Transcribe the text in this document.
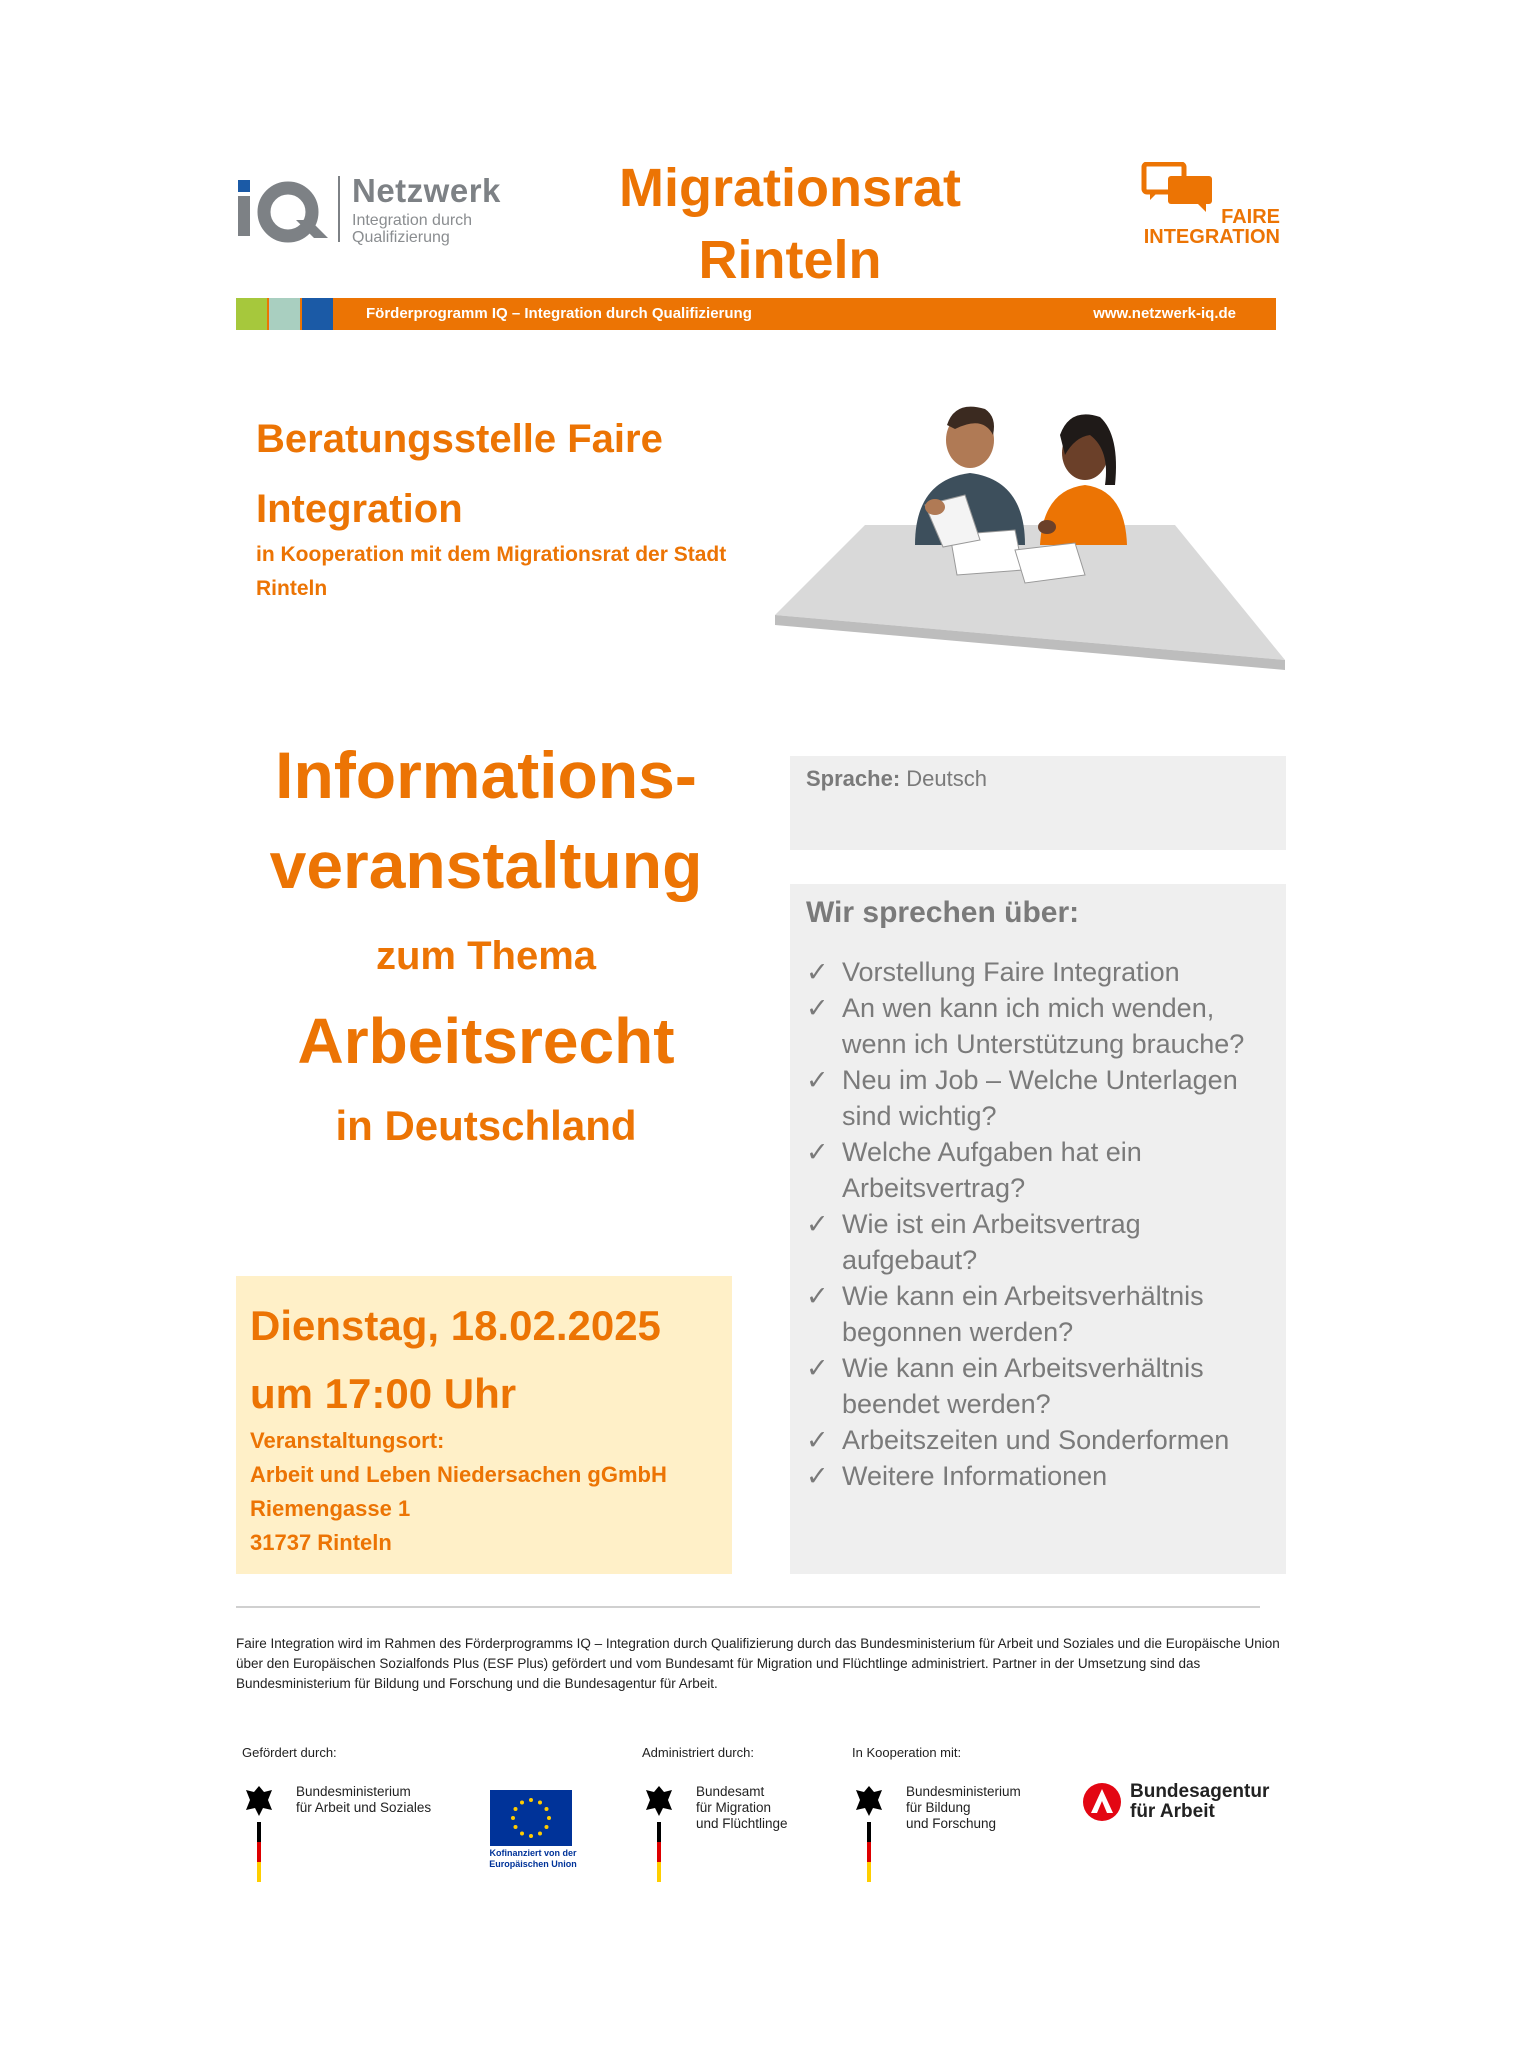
Netzwerk
Integration durch Qualifizierung
Migrationsrat Rinteln
FAIRE INTEGRATION
Förderprogramm IQ – Integration durch Qualifizierung	www.netzwerk-iq.de
Beratungsstelle Faire Integration
in Kooperation mit dem Migrationsrat der Stadt Rinteln
Informations-
veranstaltung
zum Thema
Arbeitsrecht
in Deutschland
Dienstag, 18.02.2025
um 17:00 Uhr
Veranstaltungsort:
Arbeit und Leben Niedersachen gGmbH
Riemengasse 1
31737 Rinteln
Sprache: Deutsch
Wir sprechen über:
✓ Vorstellung Faire Integration
✓ An wen kann ich mich wenden, wenn ich Unterstützung brauche?
✓ Neu im Job – Welche Unterlagen sind wichtig?
✓ Welche Aufgaben hat ein Arbeitsvertrag?
✓ Wie ist ein Arbeitsvertrag aufgebaut?
✓ Wie kann ein Arbeitsverhältnis begonnen werden?
✓ Wie kann ein Arbeitsverhältnis beendet werden?
✓ Arbeitszeiten und Sonderformen
✓ Weitere Informationen
Faire Integration wird im Rahmen des Förderprogramms IQ – Integration durch Qualifizierung durch das Bundesministerium für Arbeit und Soziales und die Europäische Union über den Europäischen Sozialfonds Plus (ESF Plus) gefördert und vom Bundesamt für Migration und Flüchtlinge administriert. Partner in der Umsetzung sind das Bundesministerium für Bildung und Forschung und die Bundesagentur für Arbeit.
Gefördert durch:	Administriert durch:	In Kooperation mit:
Bundesministerium
für Arbeit und Soziales
Kofinanziert von der
Europäischen Union
Bundesamt
für Migration
und Flüchtlinge
Bundesministerium
für Bildung
und Forschung
Bundesagentur
für Arbeit
